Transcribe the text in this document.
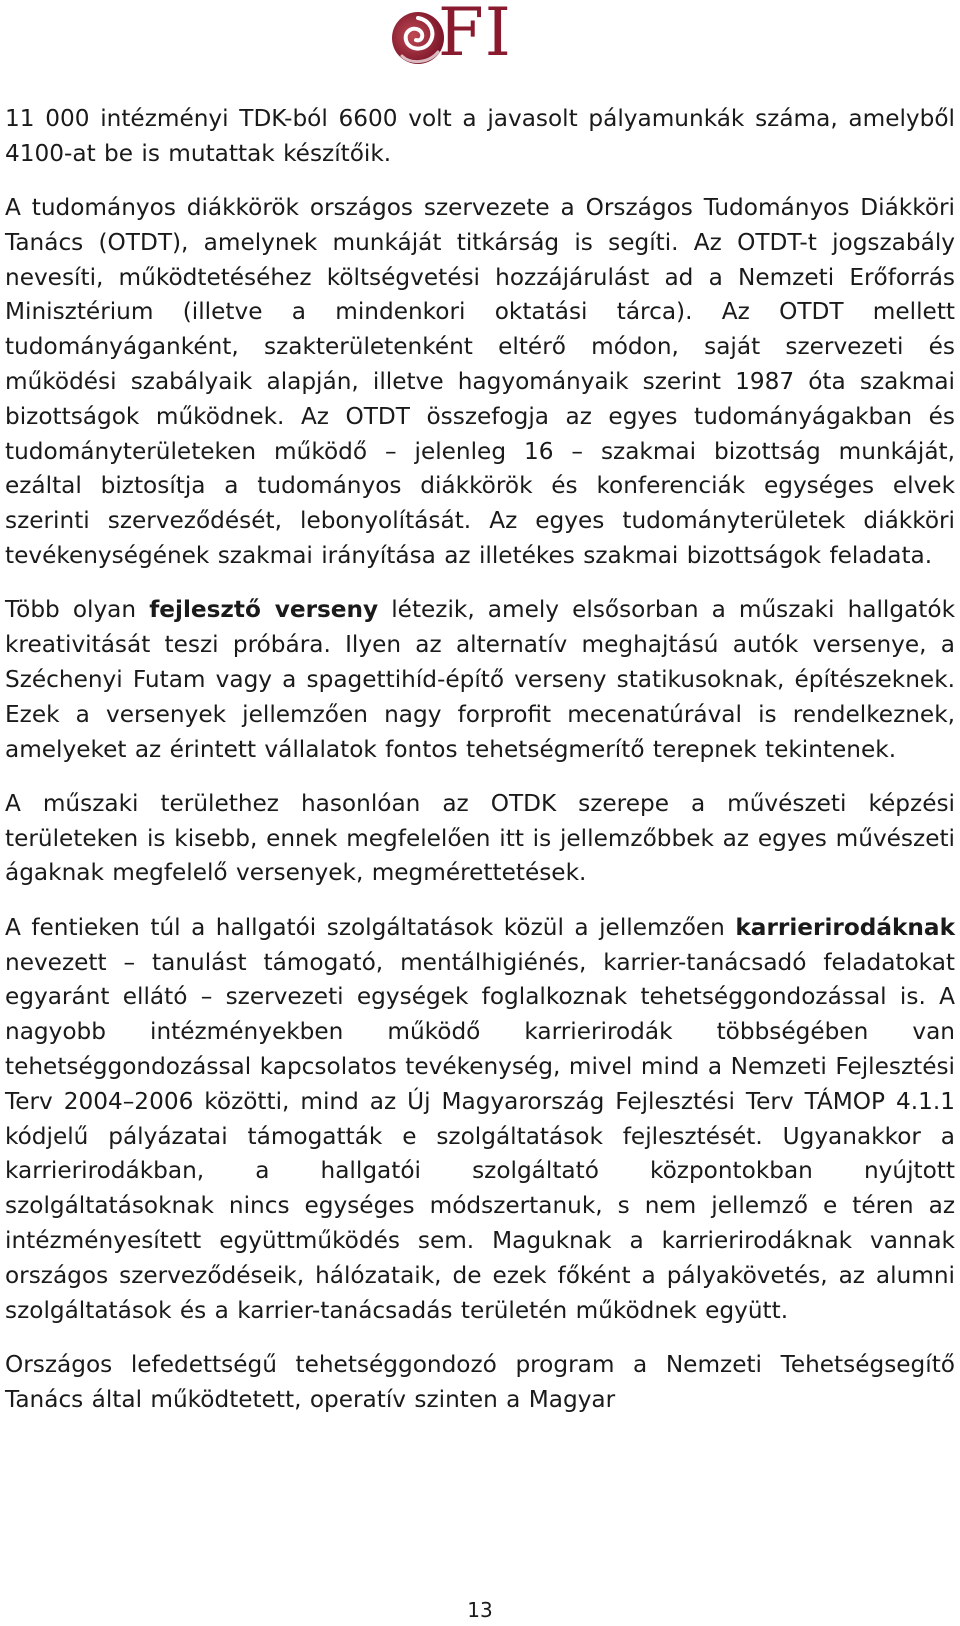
FI

11 000 intézményi TDK-ból 6600 volt a javasolt pályamunkák száma, amelyből 4100-at be is mutattak készítőik.

A tudományos diákkörök országos szervezete a Országos Tudományos Diákköri Tanács (OTDT), amelynek munkáját titkárság is segíti. Az OTDT-t jogszabály nevesíti, működtetéséhez költségvetési hozzájárulást ad a Nemzeti Erőforrás Minisztérium (illetve a mindenkori oktatási tárca). Az OTDT mellett tudományáganként, szakterületenként eltérő módon, saját szervezeti és működési szabályaik alapján, illetve hagyományaik szerint 1987 óta szakmai bizottságok működnek. Az OTDT összefogja az egyes tudományágakban és tudományterületeken működő – jelenleg 16 – szakmai bizottság munkáját, ezáltal biztosítja a tudományos diákkörök és konferenciák egységes elvek szerinti szerveződését, lebonyolítását. Az egyes tudományterületek diákköri tevékenységének szakmai irányítása az illetékes szakmai bizottságok feladata.

Több olyan fejlesztő verseny létezik, amely elsősorban a műszaki hallgatók kreativitását teszi próbára. Ilyen az alternatív meghajtású autók versenye, a Széchenyi Futam vagy a spagettihíd-építő verseny statikusoknak, építészeknek. Ezek a versenyek jellemzően nagy forprofit mecenatúrával is rendelkeznek, amelyeket az érintett vállalatok fontos tehetségmerítő terepnek tekintenek.

A műszaki területhez hasonlóan az OTDK szerepe a művészeti képzési területeken is kisebb, ennek megfelelően itt is jellemzőbbek az egyes művészeti ágaknak megfelelő versenyek, megmérettetések.

A fentieken túl a hallgatói szolgáltatások közül a jellemzően karrierirodáknak nevezett – tanulást támogató, mentálhigiénés, karrier-tanácsadó feladatokat egyaránt ellátó – szervezeti egységek foglalkoznak tehetséggondozással is. A nagyobb intézményekben működő karrierirodák többségében van tehetséggondozással kapcsolatos tevékenység, mivel mind a Nemzeti Fejlesztési Terv 2004–2006 közötti, mind az Új Magyarország Fejlesztési Terv TÁMOP 4.1.1 kódjelű pályázatai támogatták e szolgáltatások fejlesztését. Ugyanakkor a karrierirodákban, a hallgatói szolgáltató központokban nyújtott szolgáltatásoknak nincs egységes módszertanuk, s nem jellemző e téren az intézményesített együttműködés sem. Maguknak a karrierirodáknak vannak országos szerveződéseik, hálózataik, de ezek főként a pályakövetés, az alumni szolgáltatások és a karrier-tanácsadás területén működnek együtt.

Országos lefedettségű tehetséggondozó program a Nemzeti Tehetségsegítő Tanács által működtetett, operatív szinten a Magyar

13
